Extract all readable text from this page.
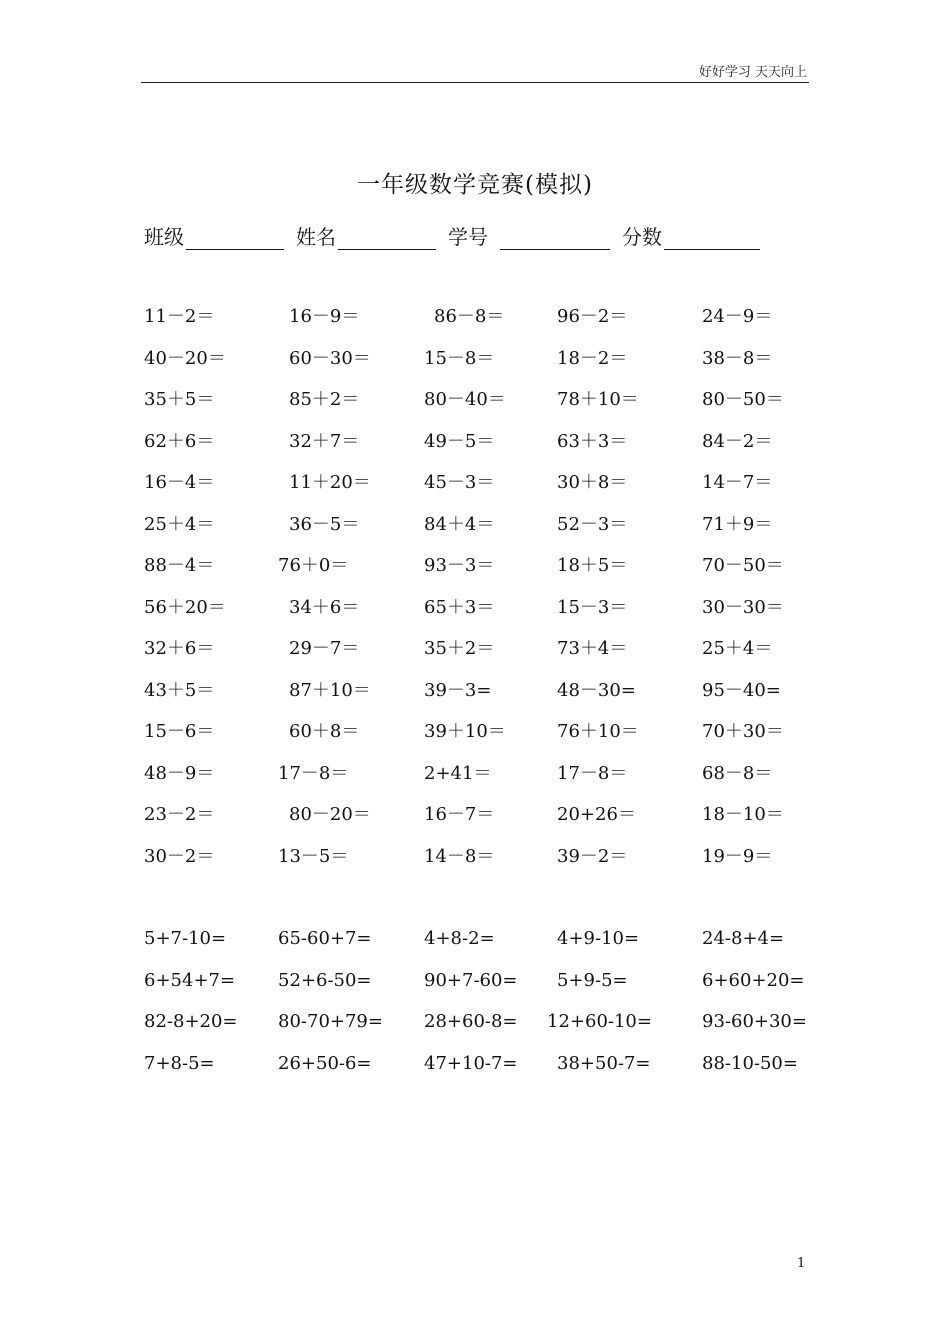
好好学习 天天向上
一年级数学竞赛(模拟)
班级	姓名	学号	分数
11－2＝	16－9＝	86－8＝	96－2＝	24－9＝
40－20＝	60－30＝	15－8＝	18－2＝	38－8＝
35＋5＝	85＋2＝	80－40＝	78＋10＝	80－50＝
62＋6＝	32＋7＝	49－5＝	63＋3＝	84－2＝
16－4＝	11＋20＝	45－3＝	30＋8＝	14－7＝
25＋4＝	36－5＝	84＋4＝	52－3＝	71＋9＝
88－4＝	76＋0＝	93－3＝	18＋5＝	70－50＝
56＋20＝	34＋6＝	65＋3＝	15－3＝	30－30＝
32＋6＝	29－7＝	35＋2＝	73＋4＝	25＋4＝
43＋5＝	87＋10＝	39－3=	48－30=	95－40=
15－6＝	60＋8＝	39＋10＝	76＋10＝	70＋30＝
48－9＝	17－8＝	2+41＝	17－8＝	68－8＝
23－2＝	80－20＝	16－7＝	20+26＝	18－10＝
30－2＝	13－5＝	14－8＝	39－2＝	19－9＝
5+7-10=	65-60+7=	4+8-2=	4+9-10=	24-8+4=
6+54+7= 52+6-50=	90+7-60= 5+9-5=	6+60+20=
82-8+20= 80-70+79= 28+60-8= 12+60-10=	93-60+30=
7+8-5=	26+50-6=	47+10-7= 38+50-7=	88-10-50=
1
